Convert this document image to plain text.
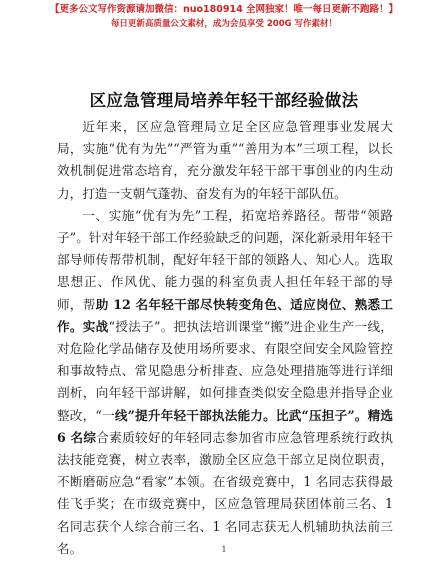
【更多公文写作资源请加微信：nuo180914 全网独家！唯一每日更新不跑路！】
每日更新高质量公文素材，成为会员享受 200G 写作素材！
区应急管理局培养年轻干部经验做法

近年来，区应急管理局立足全区应急管理事业发展大局，实施“优有为先”“严管为重”“善用为本”三项工程，以长效机制促进常态培育，充分激发年轻干部干事创业的内生动力，打造一支朝气蓬勃、奋发有为的年轻干部队伍。

一、实施“优有为先”工程，拓宽培养路径。帮带“领路子”。针对年轻干部工作经验缺乏的问题，深化新录用年轻干部导师传帮带机制，配好年轻干部的领路人、知心人。选取思想正、作风优、能力强的科室负责人担任年轻干部的导师，帮助 12 名年轻干部尽快转变角色、适应岗位、熟悉工作。实战“授法子”。把执法培训课堂“搬”进企业生产一线，对危险化学品储存及使用场所要求、有限空间安全风险管控和事故特点、常见隐患分析排查、应急处理措施等进行详细剖析，向年轻干部讲解，如何排查类似安全隐患并指导企业整改，“一线”提升年轻干部执法能力。比武“压担子”。精选 6 名综合素质较好的年轻同志参加省市应急管理系统行政执法技能竞赛，树立表率，激励全区应急干部立足岗位职责，不断磨砺应急“看家”本领。在省级竞赛中，1 名同志获得最佳飞手奖；在市级竞赛中，区应急管理局获团体前三名、1 名同志获个人综合前三名、1 名同志获无人机辅助执法前三名。	1
